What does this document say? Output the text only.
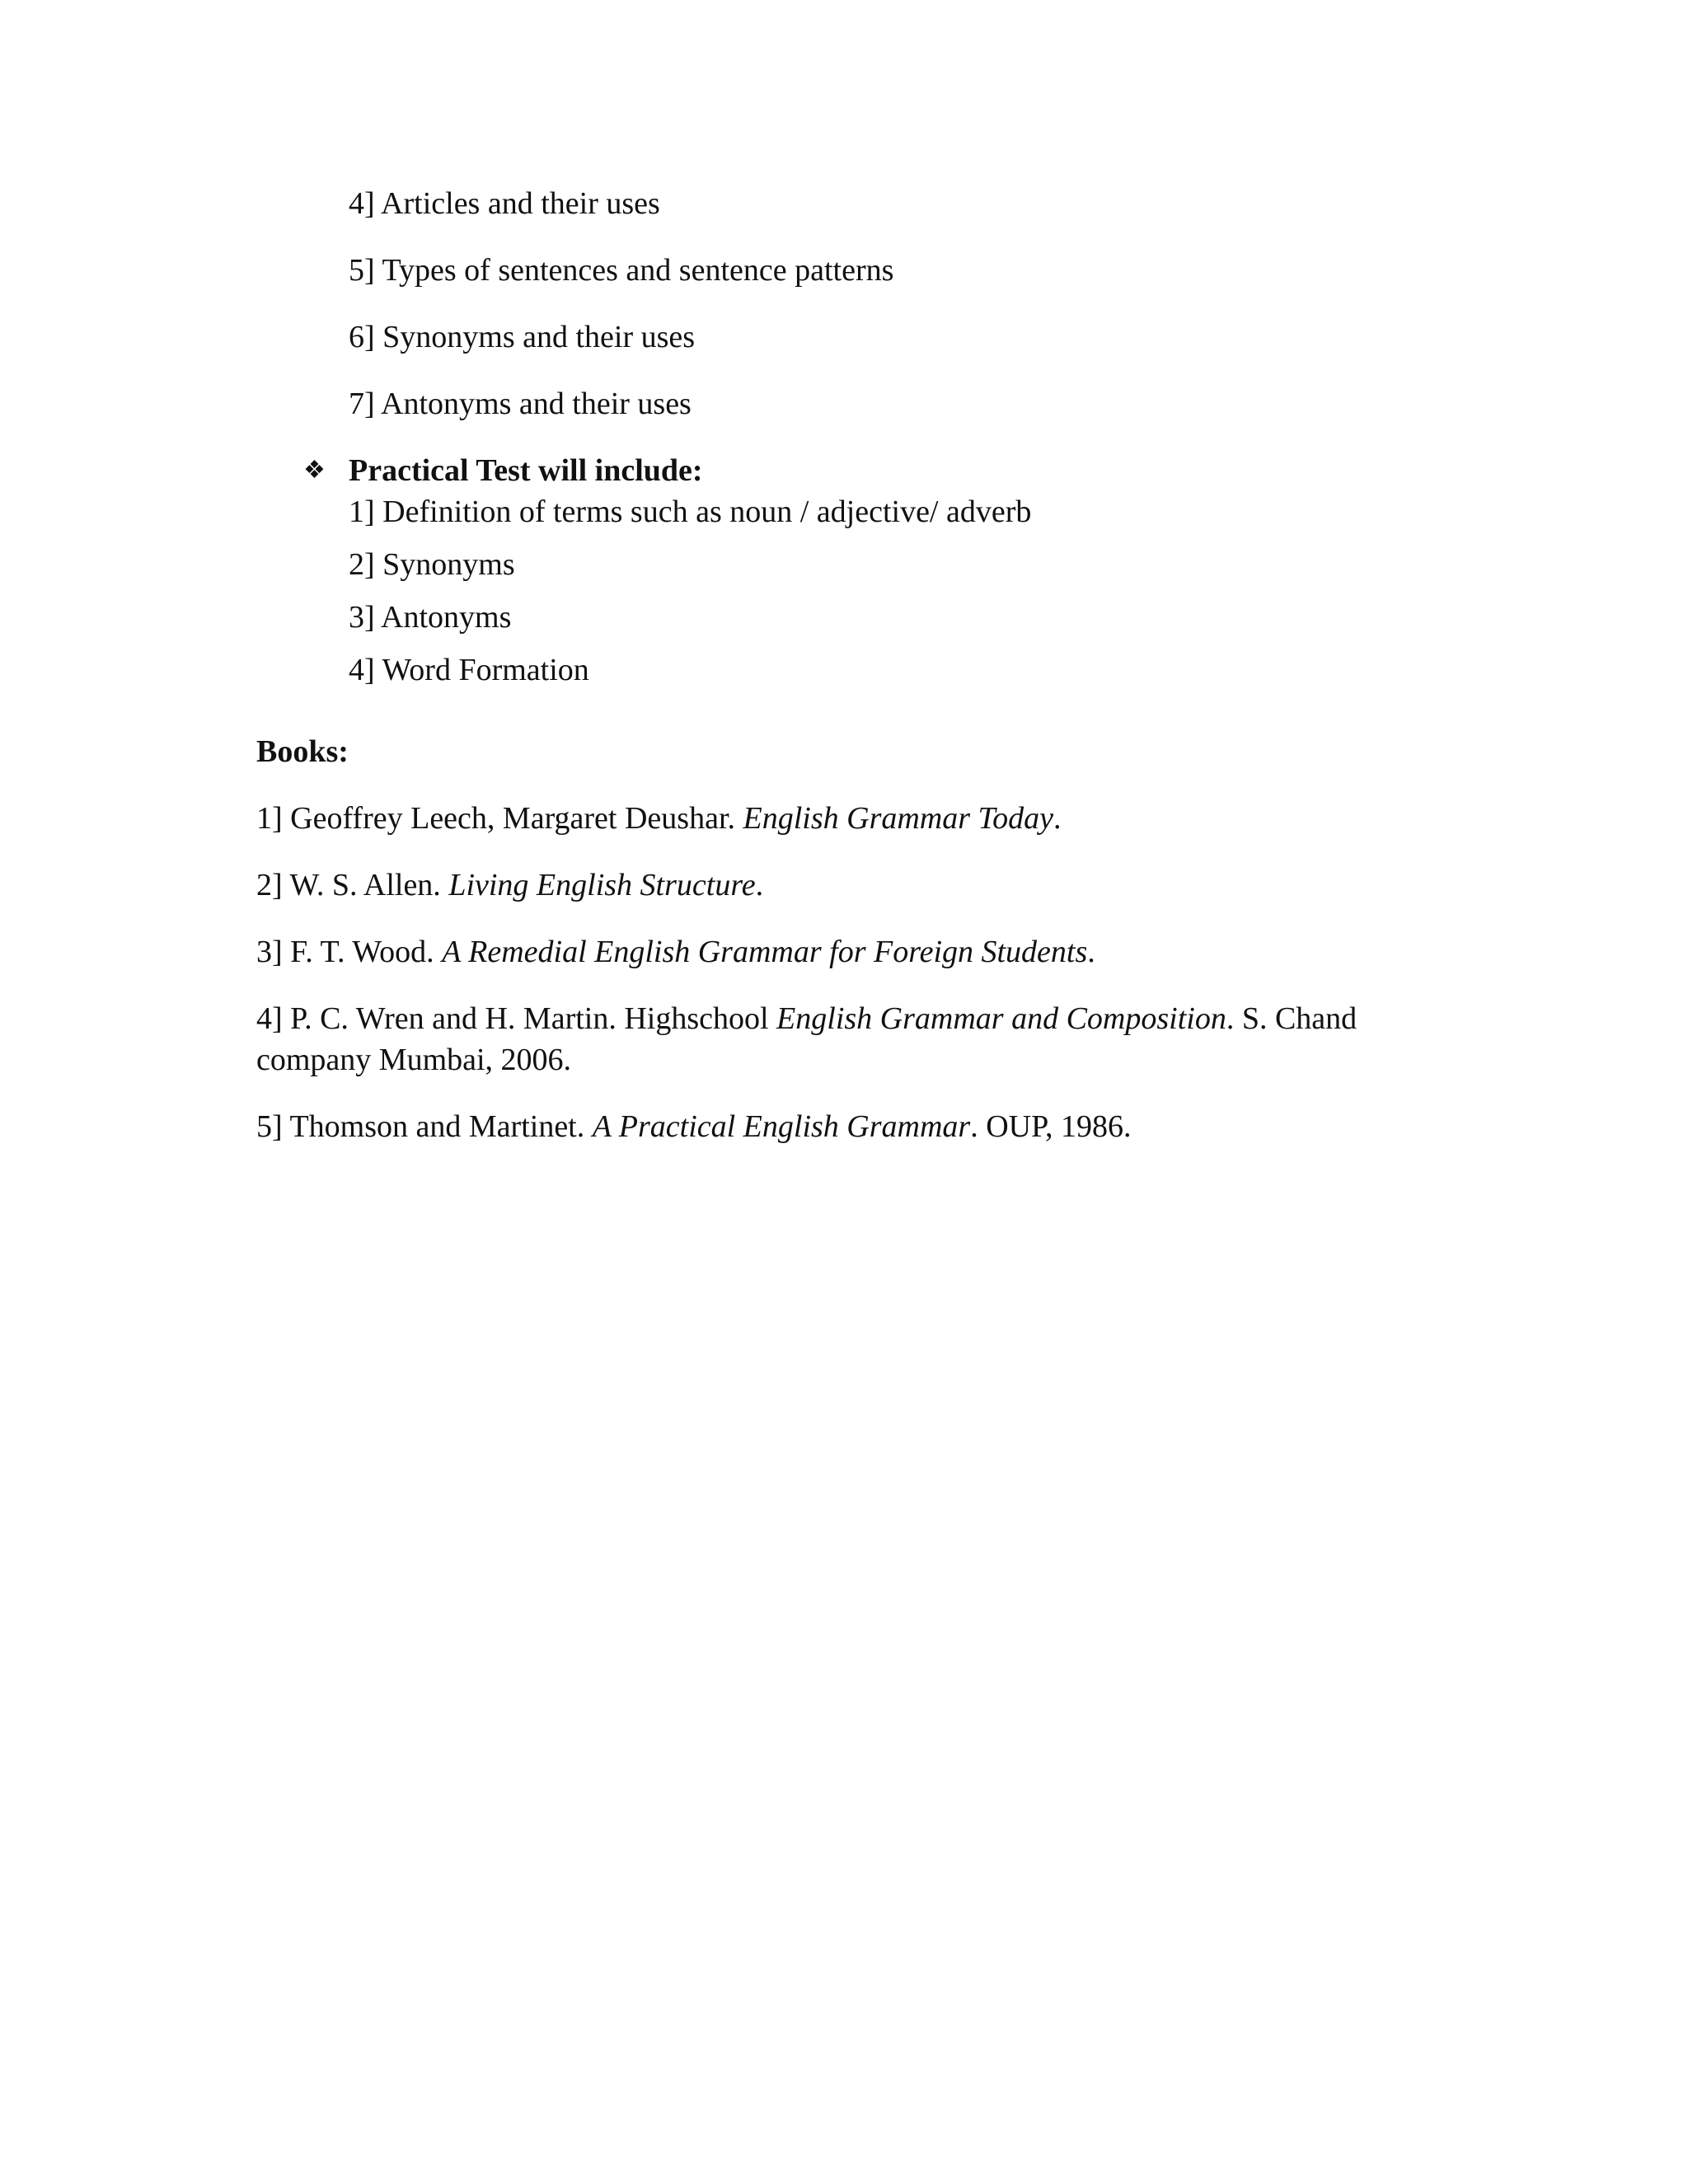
4] Articles and their uses
5] Types of sentences and sentence patterns
6] Synonyms and their uses
7] Antonyms and their uses
❖ Practical Test will include:
1] Definition of terms such as noun / adjective/ adverb
2] Synonyms
3] Antonyms
4] Word Formation
Books:
1] Geoffrey Leech, Margaret Deushar. English Grammar Today.
2] W. S. Allen. Living English Structure.
3] F. T. Wood. A Remedial English Grammar for Foreign Students.
4] P. C. Wren and H. Martin. Highschool English Grammar and Composition. S. Chand
company Mumbai, 2006.
5] Thomson and Martinet. A Practical English Grammar. OUP, 1986.
